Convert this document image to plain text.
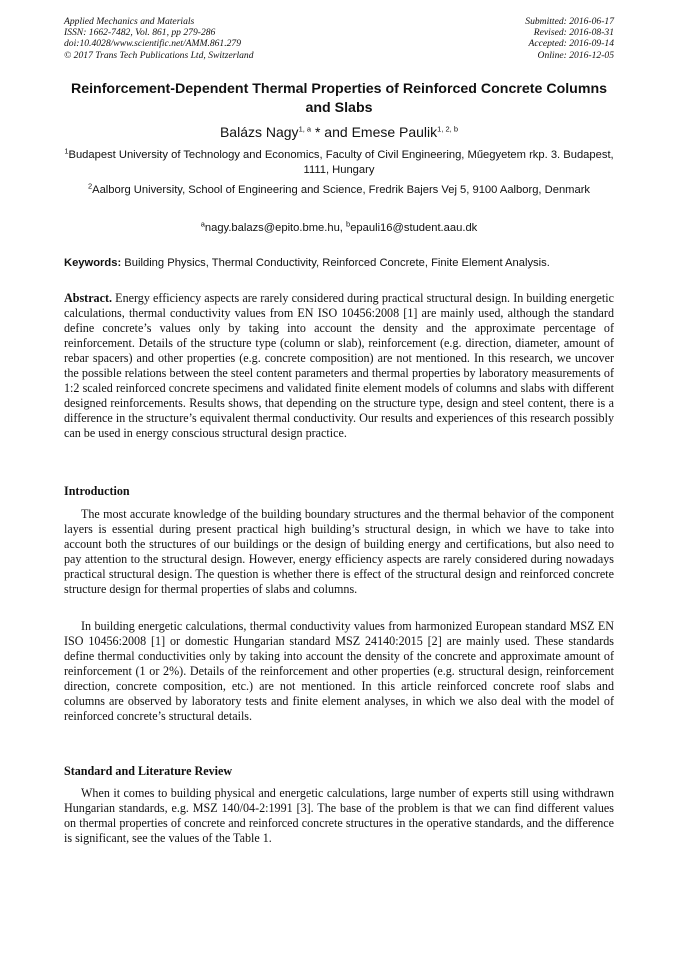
Applied Mechanics and Materials
ISSN: 1662-7482, Vol. 861, pp 279-286
doi:10.4028/www.scientific.net/AMM.861.279
© 2017 Trans Tech Publications Ltd, Switzerland
Submitted: 2016-06-17
Revised: 2016-08-31
Accepted: 2016-09-14
Online: 2016-12-05
Reinforcement-Dependent Thermal Properties of Reinforced Concrete Columns and Slabs
Balázs Nagy$^{1, a}$ * and Emese Paulik$^{1, 2, b}$
$^1$Budapest University of Technology and Economics, Faculty of Civil Engineering, Műegyetem rkp. 3. Budapest, 1111, Hungary
$^2$Aalborg University, School of Engineering and Science, Fredrik Bajers Vej 5, 9100 Aalborg, Denmark
$^a$nagy.balazs@epito.bme.hu, $^b$epauli16@student.aau.dk
Keywords: Building Physics, Thermal Conductivity, Reinforced Concrete, Finite Element Analysis.
Abstract. Energy efficiency aspects are rarely considered during practical structural design. In building energetic calculations, thermal conductivity values from EN ISO 10456:2008 [1] are mainly used, although the standard define concrete’s values only by taking into account the density and the approximate percentage of reinforcement. Details of the structure type (column or slab), reinforcement (e.g. direction, diameter, amount of rebar spacers) and other properties (e.g. concrete composition) are not mentioned. In this research, we uncover the possible relations between the steel content parameters and thermal properties by laboratory measurements of 1:2 scaled reinforced concrete specimens and validated finite element models of columns and slabs with different designed reinforcements. Results shows, that depending on the structure type, design and steel content, there is a difference in the structure’s equivalent thermal conductivity. Our results and experiences of this research possibly can be used in energy conscious structural design practice.
Introduction

The most accurate knowledge of the building boundary structures and the thermal behavior of the component layers is essential during present practical high building’s structural design, in which we have to take into account both the structures of our buildings or the design of building energy and certifications, but also need to pay attention to the structural design. However, energy efficiency aspects are rarely considered during nowadays practical structural design. The question is whether there is effect of the structural design and reinforced concrete structure design for thermal properties of slabs and columns.

In building energetic calculations, thermal conductivity values from harmonized European standard MSZ EN ISO 10456:2008 [1] or domestic Hungarian standard MSZ 24140:2015 [2] are mainly used. These standards define thermal conductivities only by taking into account the density of the concrete and approximate amount of reinforcement (1 or 2%). Details of the reinforcement and other properties (e.g. structural design, reinforcement direction, concrete composition, etc.) are not mentioned. In this article reinforced concrete roof slabs and columns are observed by laboratory tests and finite element analyses, in which we also deal with the model of reinforced concrete’s structural details.

Standard and Literature Review

When it comes to building physical and energetic calculations, large number of experts still using withdrawn Hungarian standards, e.g. MSZ 140/04-2:1991 [3]. The base of the problem is that we can find different values on thermal properties of concrete and reinforced concrete structures in the operative standards, and the difference is significant, see the values of the Table 1.
